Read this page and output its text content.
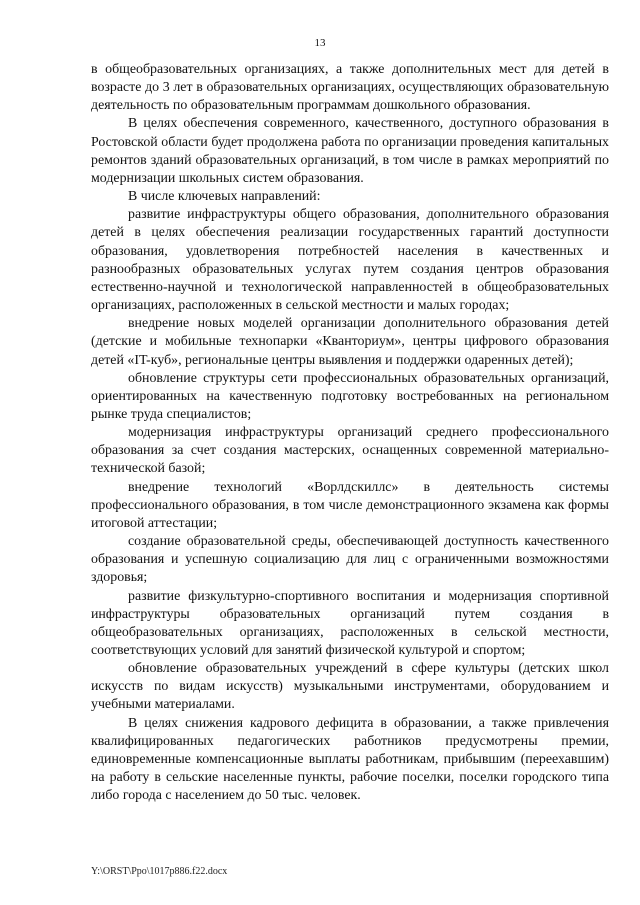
13

в общеобразовательных организациях, а также дополнительных мест для детей в возрасте до 3 лет в образовательных организациях, осуществляющих образовательную деятельность по образовательным программам дошкольного образования.

В целях обеспечения современного, качественного, доступного образования в Ростовской области будет продолжена работа по организации проведения капитальных ремонтов зданий образовательных организаций, в том числе в рамках мероприятий по модернизации школьных систем образования.

В числе ключевых направлений:

развитие инфраструктуры общего образования, дополнительного образования детей в целях обеспечения реализации государственных гарантий доступности образования, удовлетворения потребностей населения в качественных и разнообразных образовательных услугах путем создания центров образования естественно-научной и технологической направленностей в общеобразовательных организациях, расположенных в сельской местности и малых городах;

внедрение новых моделей организации дополнительного образования детей (детские и мобильные технопарки «Кванториум», центры цифрового образования детей «IT-куб», региональные центры выявления и поддержки одаренных детей);

обновление структуры сети профессиональных образовательных организаций, ориентированных на качественную подготовку востребованных на региональном рынке труда специалистов;

модернизация инфраструктуры организаций среднего профессионального образования за счет создания мастерских, оснащенных современной материально-технической базой;

внедрение технологий «Ворлдскиллс» в деятельность системы профессионального образования, в том числе демонстрационного экзамена как формы итоговой аттестации;

создание образовательной среды, обеспечивающей доступность качественного образования и успешную социализацию для лиц с ограниченными возможностями здоровья;

развитие физкультурно-спортивного воспитания и модернизация спортивной инфраструктуры образовательных организаций путем создания в общеобразовательных организациях, расположенных в сельской местности, соответствующих условий для занятий физической культурой и спортом;

обновление образовательных учреждений в сфере культуры (детских школ искусств по видам искусств) музыкальными инструментами, оборудованием и учебными материалами.

В целях снижения кадрового дефицита в образовании, а также привлечения квалифицированных педагогических работников предусмотрены премии, единовременные компенсационные выплаты работникам, прибывшим (переехавшим) на работу в сельские населенные пункты, рабочие поселки, поселки городского типа либо города с населением до 50 тыс. человек.

Y:\ORST\Ppo\1017p886.f22.docx
